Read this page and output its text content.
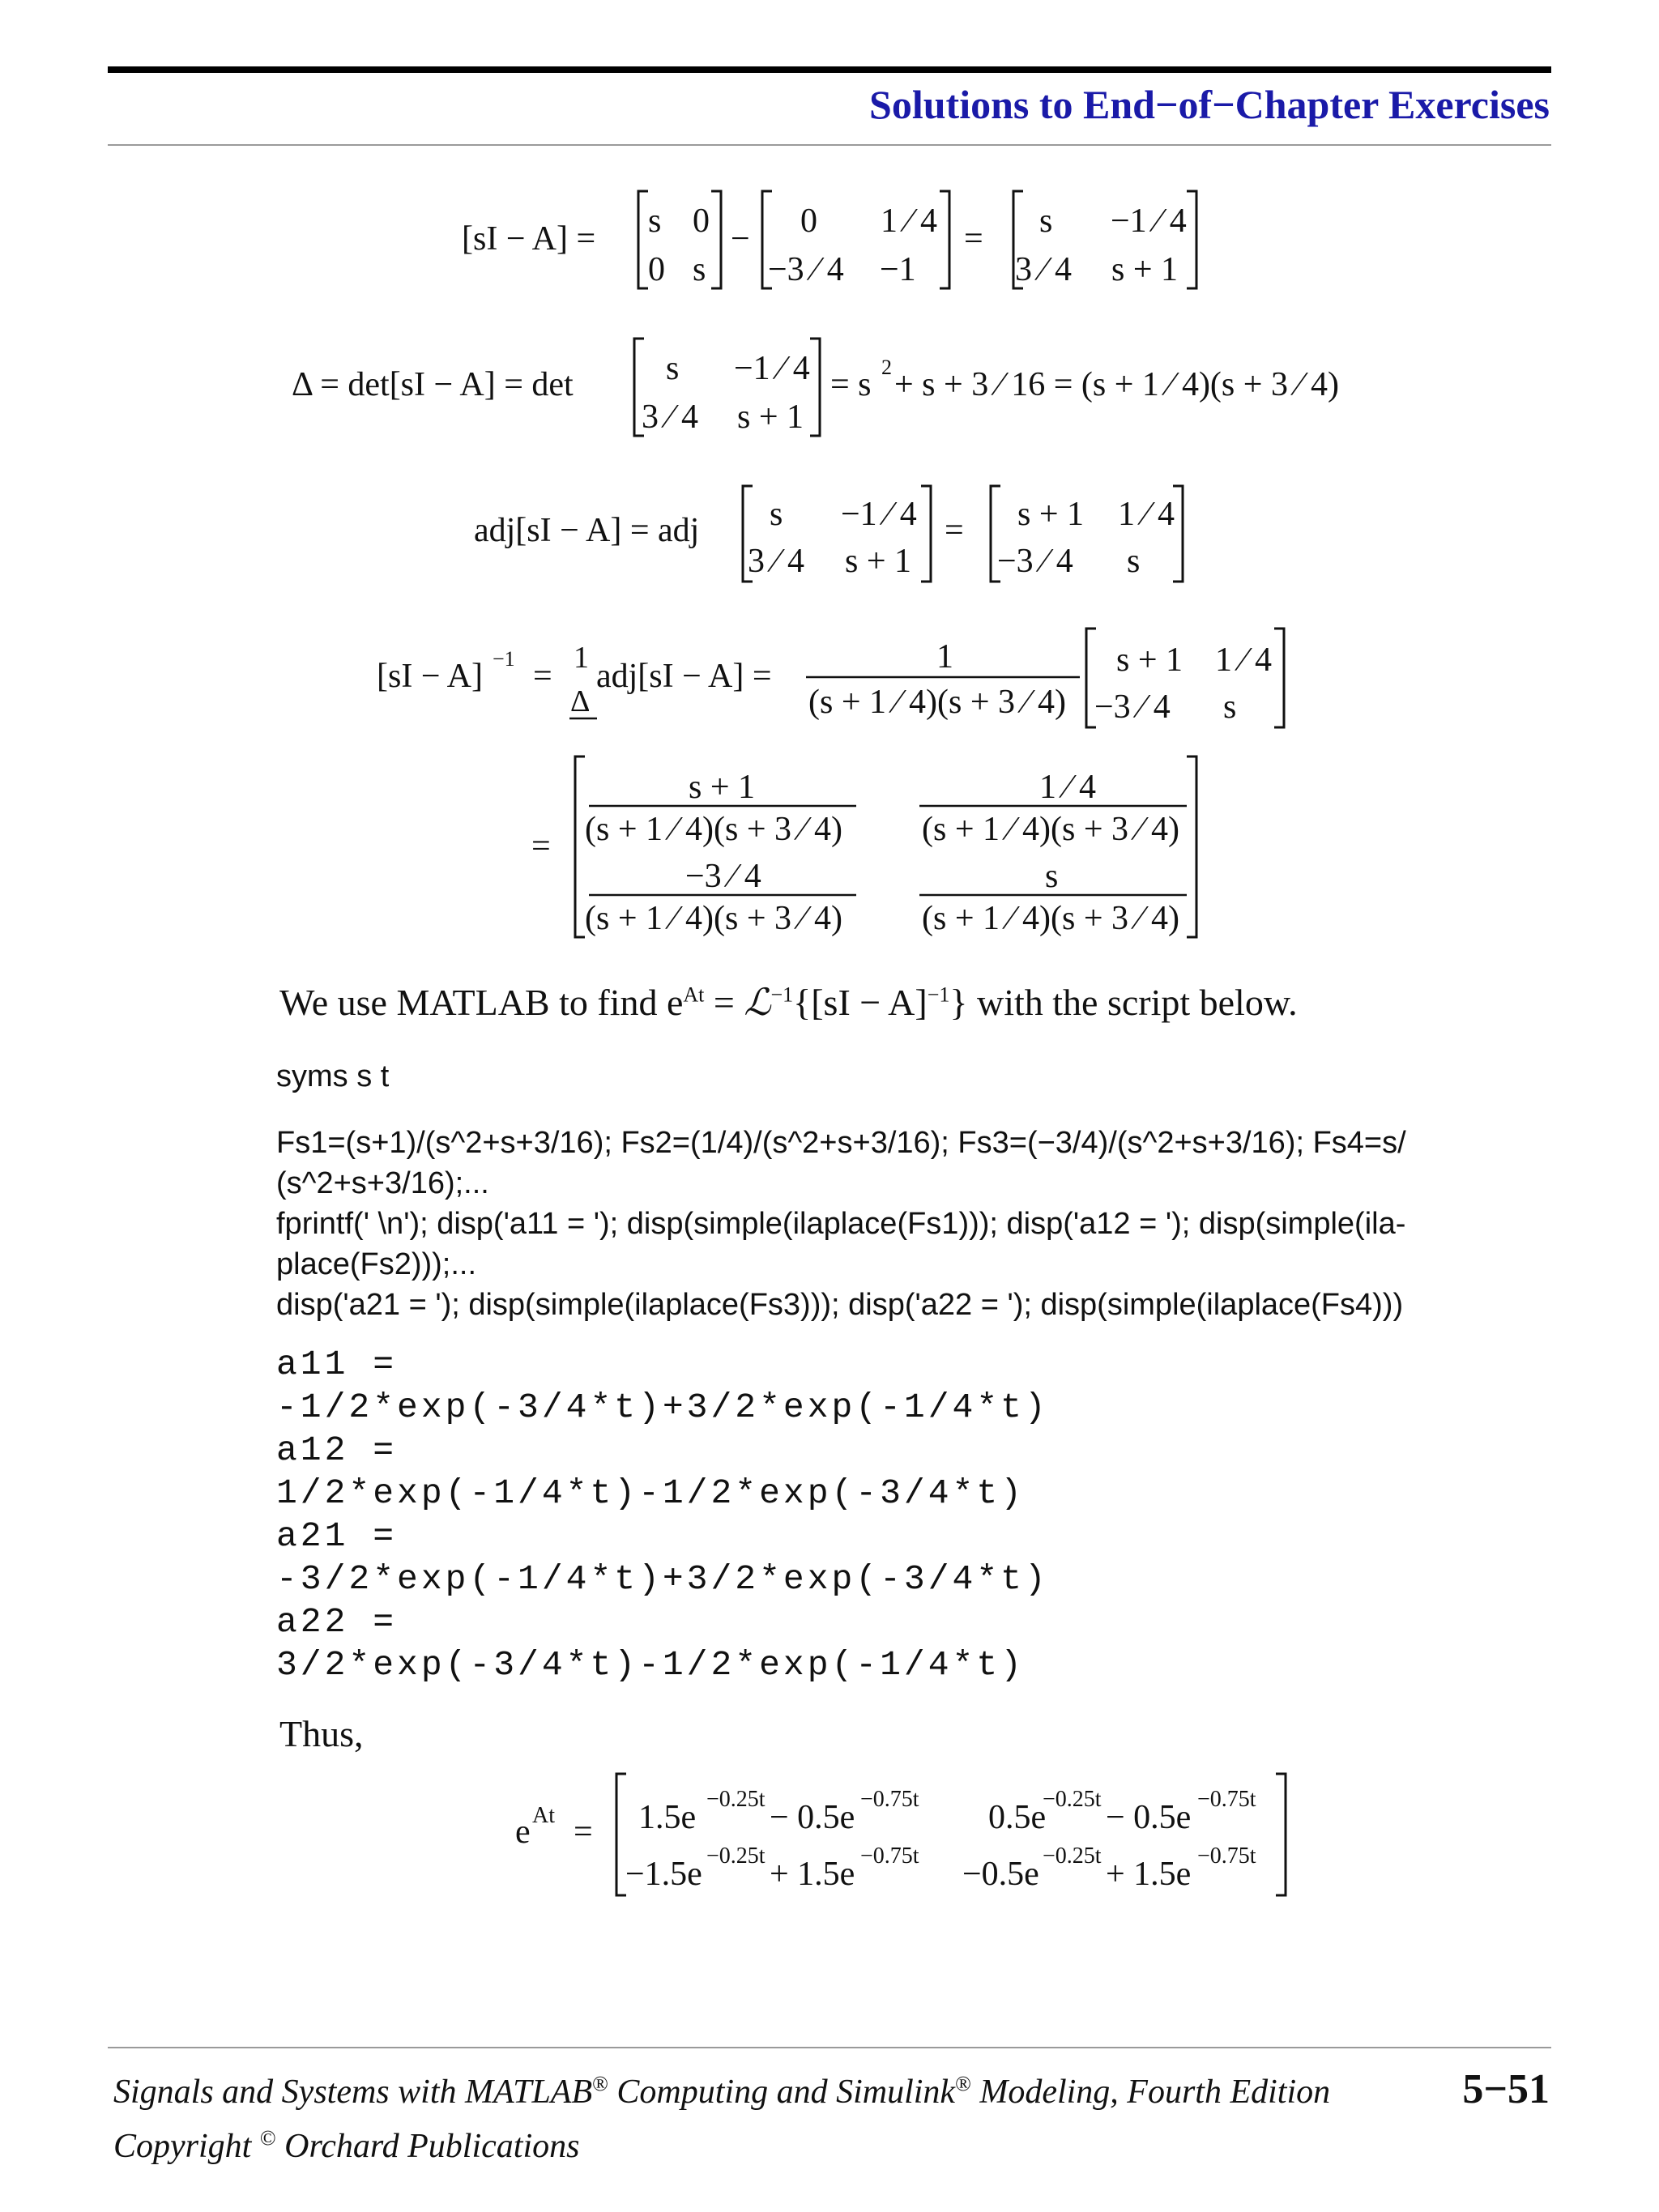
Solutions to End−of−Chapter Exercises
[sI − A] = s 0
0 s
− 0 1 ⁄ 4
−3 ⁄ 4 −1
= s −1 ⁄ 4
3 ⁄ 4 s + 1
Δ = det[sI − A] = det	s −1 ⁄ 4
3 ⁄ 4 s + 1
= s 2 + s + 3 ⁄ 16 = (s + 1 ⁄ 4)(s + 3 ⁄ 4)
adj[sI − A] = adj s −1 ⁄ 4
3 ⁄ 4 s + 1
= s + 1 1 ⁄ 4
−3 ⁄ 4 s
[sI − A] −1 = 1
Δ
adj[sI − A] =
1
(s + 1 ⁄ 4)(s + 3 ⁄ 4)
s + 1 1 ⁄ 4
−3 ⁄ 4 s
=
s + 1
(s + 1 ⁄ 4)(s + 3 ⁄ 4)
1 ⁄ 4
(s + 1 ⁄ 4)(s + 3 ⁄ 4)
−3 ⁄ 4
(s + 1 ⁄ 4)(s + 3 ⁄ 4)
s
(s + 1 ⁄ 4)(s + 3 ⁄ 4)
e At = 1.5e −0.25t − 0.5e −0.75t 0.5e
−0.25t − 0.5e −0.75t
−1.5e −0.25t + 1.5e −0.75t −0.5e −0.25t + 1.5e −0.75t
We use MATLAB to find $e^{At}$ = ℒ$^{-1}${[sI − A]$^{-1}$} with the script below.
syms s t
Fs1=(s+1)/(s^2+s+3/16); Fs2=(1/4)/(s^2+s+3/16); Fs3=(−3/4)/(s^2+s+3/16); Fs4=s/
(s^2+s+3/16);...
fprintf(' \n'); disp('a11 = '); disp(simple(ilaplace(Fs1))); disp('a12 = '); disp(simple(ila-
place(Fs2)));...
disp('a21 = '); disp(simple(ilaplace(Fs3))); disp('a22 = '); disp(simple(ilaplace(Fs4)))
a11 =
-1/2*exp(-3/4*t)+3/2*exp(-1/4*t)
a12 =
1/2*exp(-1/4*t)-1/2*exp(-3/4*t)
a21 =
-3/2*exp(-1/4*t)+3/2*exp(-3/4*t)
a22 =
3/2*exp(-3/4*t)-1/2*exp(-1/4*t)
Thus,
Signals and Systems with MATLAB® Computing and Simulink® Modeling, Fourth Edition
Copyright © Orchard Publications
5−51
